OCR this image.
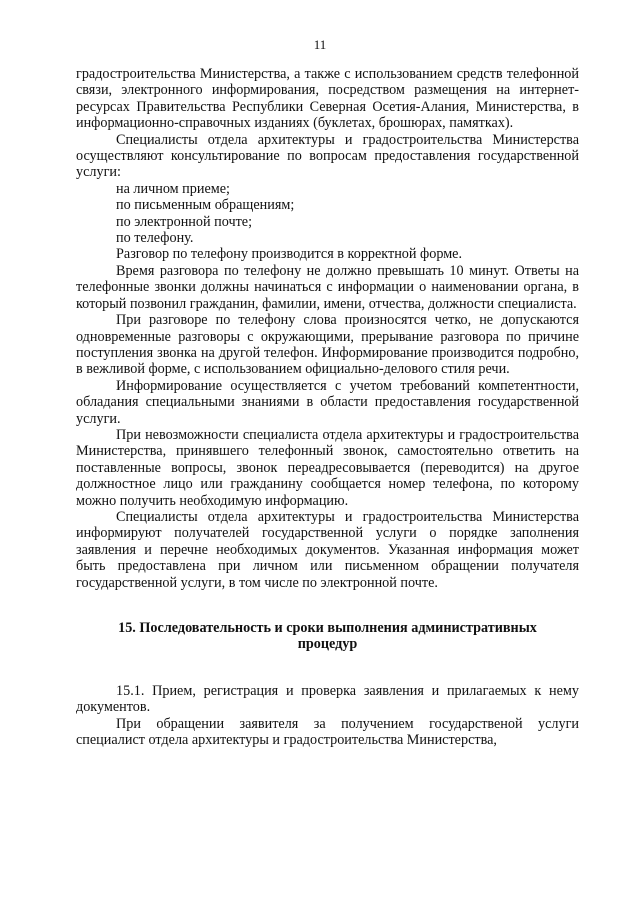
11

градостроительства Министерства, а также с использованием средств телефонной связи, электронного информирования, посредством размещения на интернет-ресурсах Правительства Республики Северная Осетия-Алания, Министерства, в информационно-справочных изданиях (буклетах, брошюрах, памятках).

Специалисты отдела архитектуры и градостроительства Министерства осуществляют консультирование по вопросам предоставления государственной услуги:

на личном приеме;

по письменным обращениям;

по электронной почте;

по телефону.

Разговор по телефону производится в корректной форме.

Время разговора по телефону не должно превышать 10 минут. Ответы на телефонные звонки должны начинаться с информации о наименовании органа, в который позвонил гражданин, фамилии, имени, отчества, должности специалиста.

При разговоре по телефону слова произносятся четко, не допускаются одновременные разговоры с окружающими, прерывание разговора по причине поступления звонка на другой телефон. Информирование производится подробно, в вежливой форме, с использованием официально-делового стиля речи.

Информирование осуществляется с учетом требований компетентности, обладания специальными знаниями в области предоставления государственной услуги.

При невозможности специалиста отдела архитектуры и градостроительства Министерства, принявшего телефонный звонок, самостоятельно ответить на поставленные вопросы, звонок переадресовывается (переводится) на другое должностное лицо или гражданину сообщается номер телефона, по которому можно получить необходимую информацию.

Специалисты отдела архитектуры и градостроительства Министерства информируют получателей государственной услуги о порядке заполнения заявления и перечне необходимых документов. Указанная информация может быть предоставлена при личном или письменном обращении получателя государственной услуги, в том числе по электронной почте.

15. Последовательность и сроки выполнения административных процедур

15.1. Прием, регистрация и проверка заявления и прилагаемых к нему документов.

При обращении заявителя за получением государственой услуги специалист отдела архитектуры и градостроительства Министерства,
